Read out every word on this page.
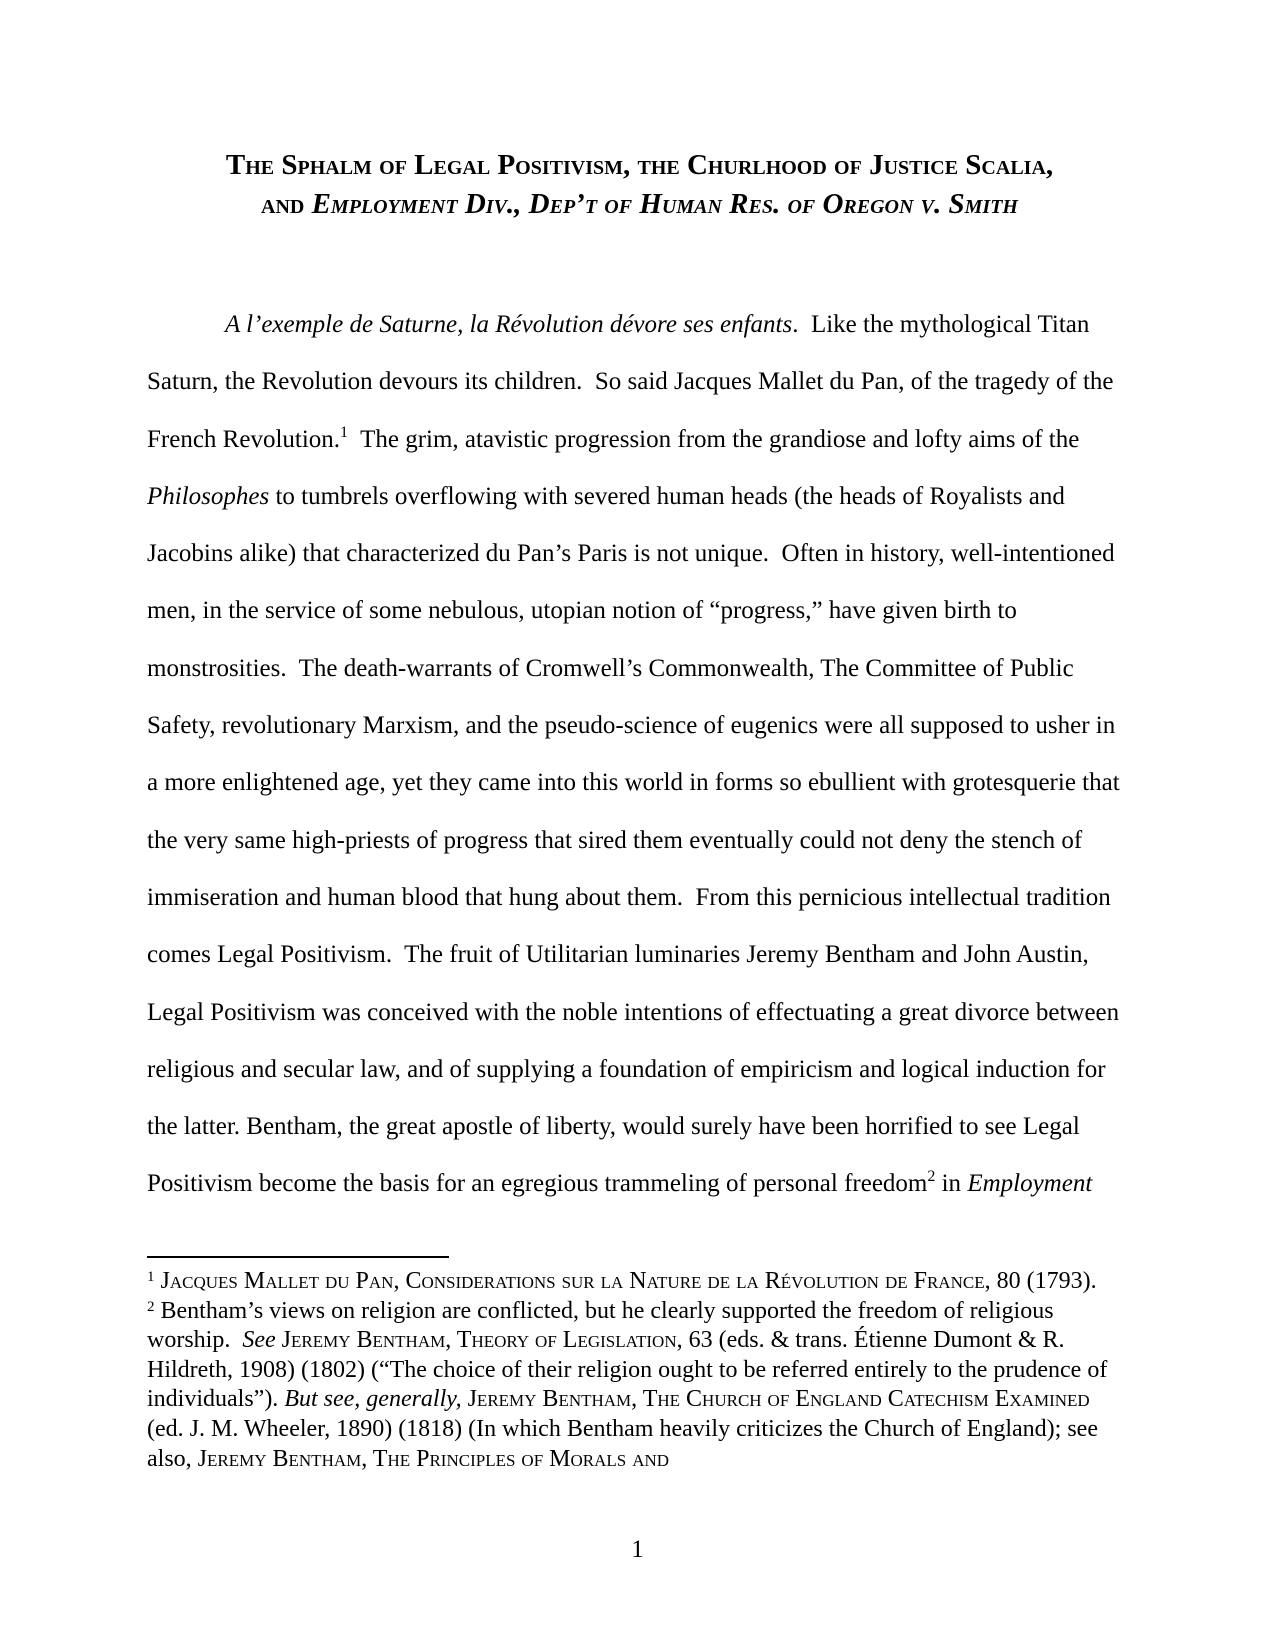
The Sphalm of Legal Positivism, the Churlhood of Justice Scalia,
and Employment Div., Dep’t of Human Res. of Oregon v. Smith
A l’exemple de Saturne, la Révolution dévore ses enfants.  Like the mythological Titan Saturn, the Revolution devours its children.  So said Jacques Mallet du Pan, of the tragedy of the French Revolution.$^1$  The grim, atavistic progression from the grandiose and lofty aims of the Philosophes to tumbrels overflowing with severed human heads (the heads of Royalists and Jacobins alike) that characterized du Pan’s Paris is not unique.  Often in history, well-intentioned men, in the service of some nebulous, utopian notion of “progress,” have given birth to monstrosities.  The death-warrants of Cromwell’s Commonwealth, The Committee of Public Safety, revolutionary Marxism, and the pseudo-science of eugenics were all supposed to usher in a more enlightened age, yet they came into this world in forms so ebullient with grotesquerie that the very same high-priests of progress that sired them eventually could not deny the stench of immiseration and human blood that hung about them.  From this pernicious intellectual tradition comes Legal Positivism.  The fruit of Utilitarian luminaries Jeremy Bentham and John Austin, Legal Positivism was conceived with the noble intentions of effectuating a great divorce between religious and secular law, and of supplying a foundation of empiricism and logical induction for the latter. Bentham, the great apostle of liberty, would surely have been horrified to see Legal Positivism become the basis for an egregious trammeling of personal freedom$^2$ in Employment
$^1$ Jacques Mallet du Pan, Considerations sur la Nature de la Révolution de France, 80 (1793).
$^2$ Bentham’s views on religion are conflicted, but he clearly supported the freedom of religious worship.  See Jeremy Bentham, Theory of Legislation, 63 (eds. & trans. Étienne Dumont & R. Hildreth, 1908) (1802) (“The choice of their religion ought to be referred entirely to the prudence of individuals”). But see, generally, Jeremy Bentham, The Church of England Catechism Examined (ed. J. M. Wheeler, 1890) (1818) (In which Bentham heavily criticizes the Church of England); see also, Jeremy Bentham, The Principles of Morals and
1
